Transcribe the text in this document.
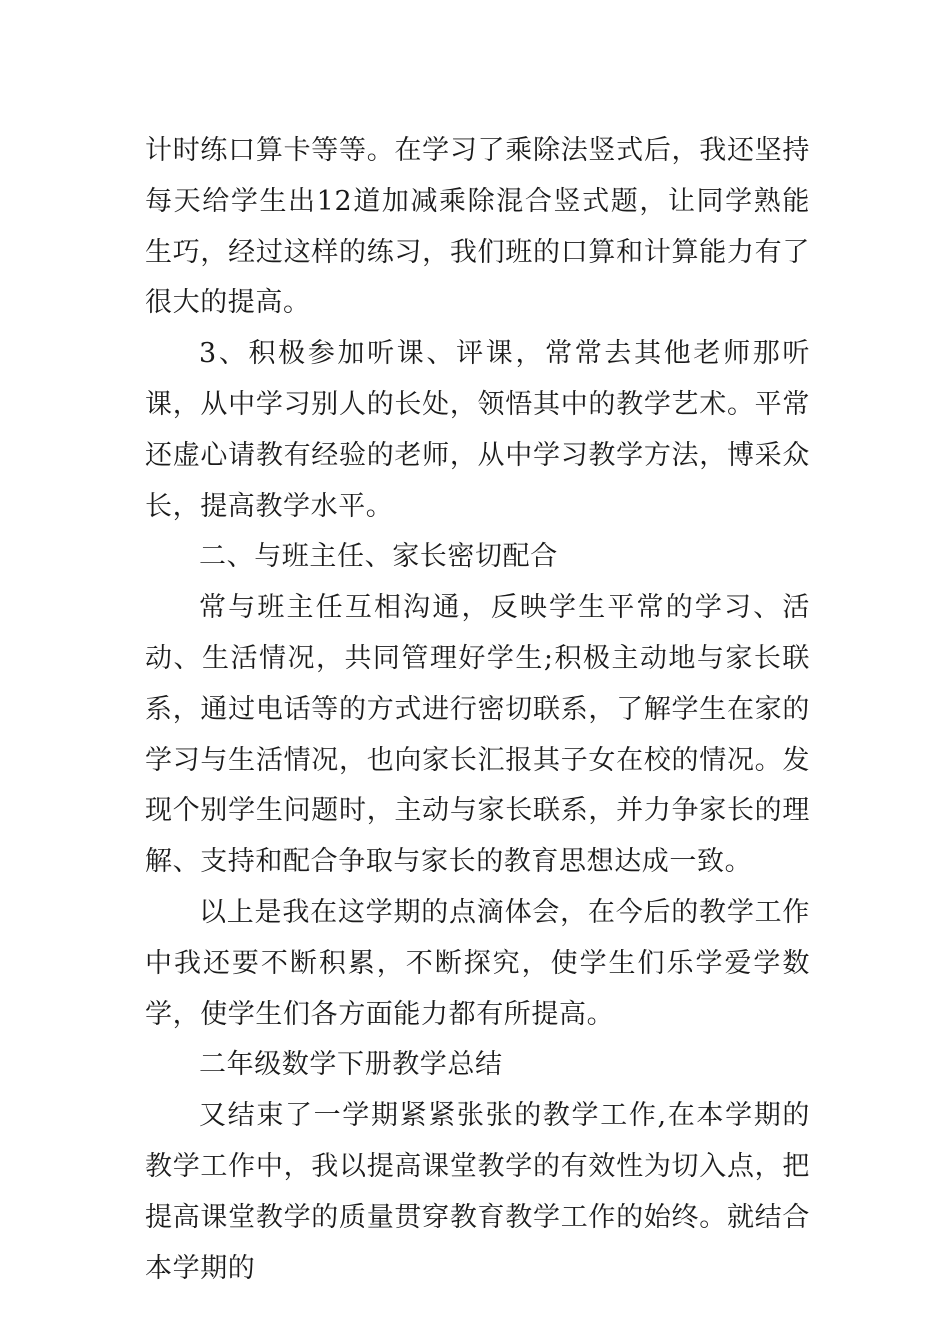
计时练口算卡等等。在学习了乘除法竖式后，我还坚持每天给学生出12道加减乘除混合竖式题，让同学熟能生巧，经过这样的练习，我们班的口算和计算能力有了很大的提高。

3、积极参加听课、评课，常常去其他老师那听课，从中学习别人的长处，领悟其中的教学艺术。平常还虚心请教有经验的老师，从中学习教学方法，博采众长，提高教学水平。

二、与班主任、家长密切配合

常与班主任互相沟通，反映学生平常的学习、活动、生活情况，共同管理好学生;积极主动地与家长联系，通过电话等的方式进行密切联系，了解学生在家的学习与生活情况，也向家长汇报其子女在校的情况。发现个别学生问题时，主动与家长联系，并力争家长的理解、支持和配合争取与家长的教育思想达成一致。

以上是我在这学期的点滴体会，在今后的教学工作中我还要不断积累，不断探究，使学生们乐学爱学数学，使学生们各方面能力都有所提高。

二年级数学下册教学总结

又结束了一学期紧紧张张的教学工作,在本学期的教学工作中，我以提高课堂教学的有效性为切入点，把提高课堂教学的质量贯穿教育教学工作的始终。就结合本学期的
